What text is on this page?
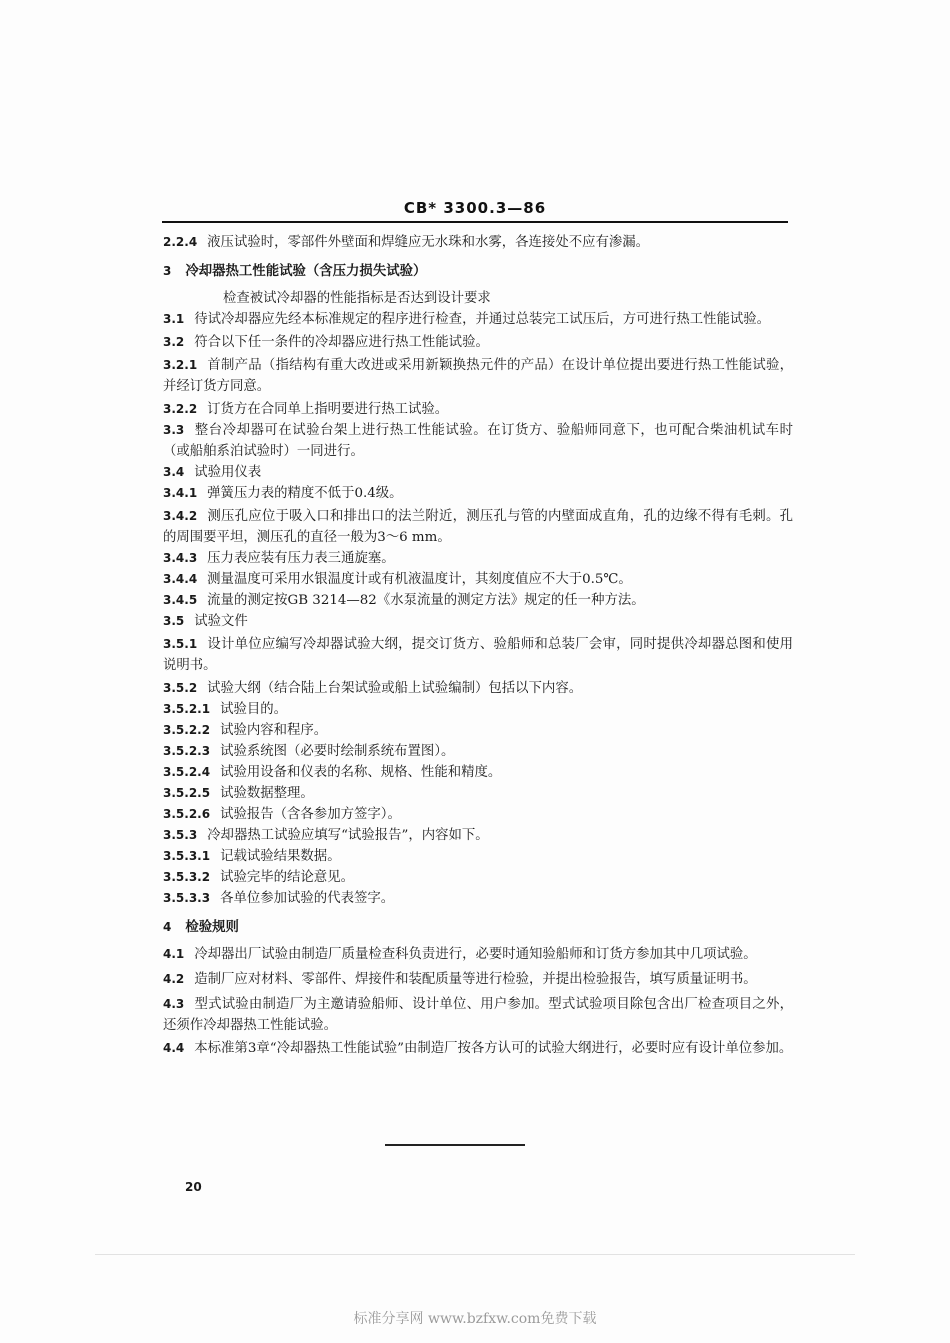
CB* 3300.3—86

2.2.4 液压试验时，零部件外壁面和焊缝应无水珠和水雾，各连接处不应有渗漏。

3 冷却器热工性能试验（含压力损失试验）

检查被试冷却器的性能指标是否达到设计要求

3.1 待试冷却器应先经本标准规定的程序进行检查，并通过总装完工试压后，方可进行热工性能试验。

3.2 符合以下任一条件的冷却器应进行热工性能试验。

3.2.1 首制产品（指结构有重大改进或采用新颖换热元件的产品）在设计单位提出要进行热工性能试验，并经订货方同意。

3.2.2 订货方在合同单上指明要进行热工试验。

3.3 整台冷却器可在试验台架上进行热工性能试验。在订货方、验船师同意下，也可配合柴油机试车时（或船舶系泊试验时）一同进行。

3.4 试验用仪表

3.4.1 弹簧压力表的精度不低于0.4级。

3.4.2 测压孔应位于吸入口和排出口的法兰附近，测压孔与管的内壁面成直角，孔的边缘不得有毛刺。孔的周围要平坦，测压孔的直径一般为3～6 mm。

3.4.3 压力表应装有压力表三通旋塞。

3.4.4 测量温度可采用水银温度计或有机液温度计，其刻度值应不大于0.5℃。

3.4.5 流量的测定按GB 3214—82《水泵流量的测定方法》规定的任一种方法。

3.5 试验文件

3.5.1 设计单位应编写冷却器试验大纲，提交订货方、验船师和总装厂会审，同时提供冷却器总图和使用说明书。

3.5.2 试验大纲（结合陆上台架试验或船上试验编制）包括以下内容。

3.5.2.1 试验目的。

3.5.2.2 试验内容和程序。

3.5.2.3 试验系统图（必要时绘制系统布置图）。

3.5.2.4 试验用设备和仪表的名称、规格、性能和精度。

3.5.2.5 试验数据整理。

3.5.2.6 试验报告（含各参加方签字）。

3.5.3 冷却器热工试验应填写“试验报告”，内容如下。

3.5.3.1 记载试验结果数据。

3.5.3.2 试验完毕的结论意见。

3.5.3.3 各单位参加试验的代表签字。

4 检验规则

4.1 冷却器出厂试验由制造厂质量检查科负责进行，必要时通知验船师和订货方参加其中几项试验。

4.2 造制厂应对材料、零部件、焊接件和装配质量等进行检验，并提出检验报告，填写质量证明书。

4.3 型式试验由制造厂为主邀请验船师、设计单位、用户参加。型式试验项目除包含出厂检查项目之外，还须作冷却器热工性能试验。

4.4 本标准第3章“冷却器热工性能试验”由制造厂按各方认可的试验大纲进行，必要时应有设计单位参加。

20
标准分享网 www.bzfxw.com免费下载
